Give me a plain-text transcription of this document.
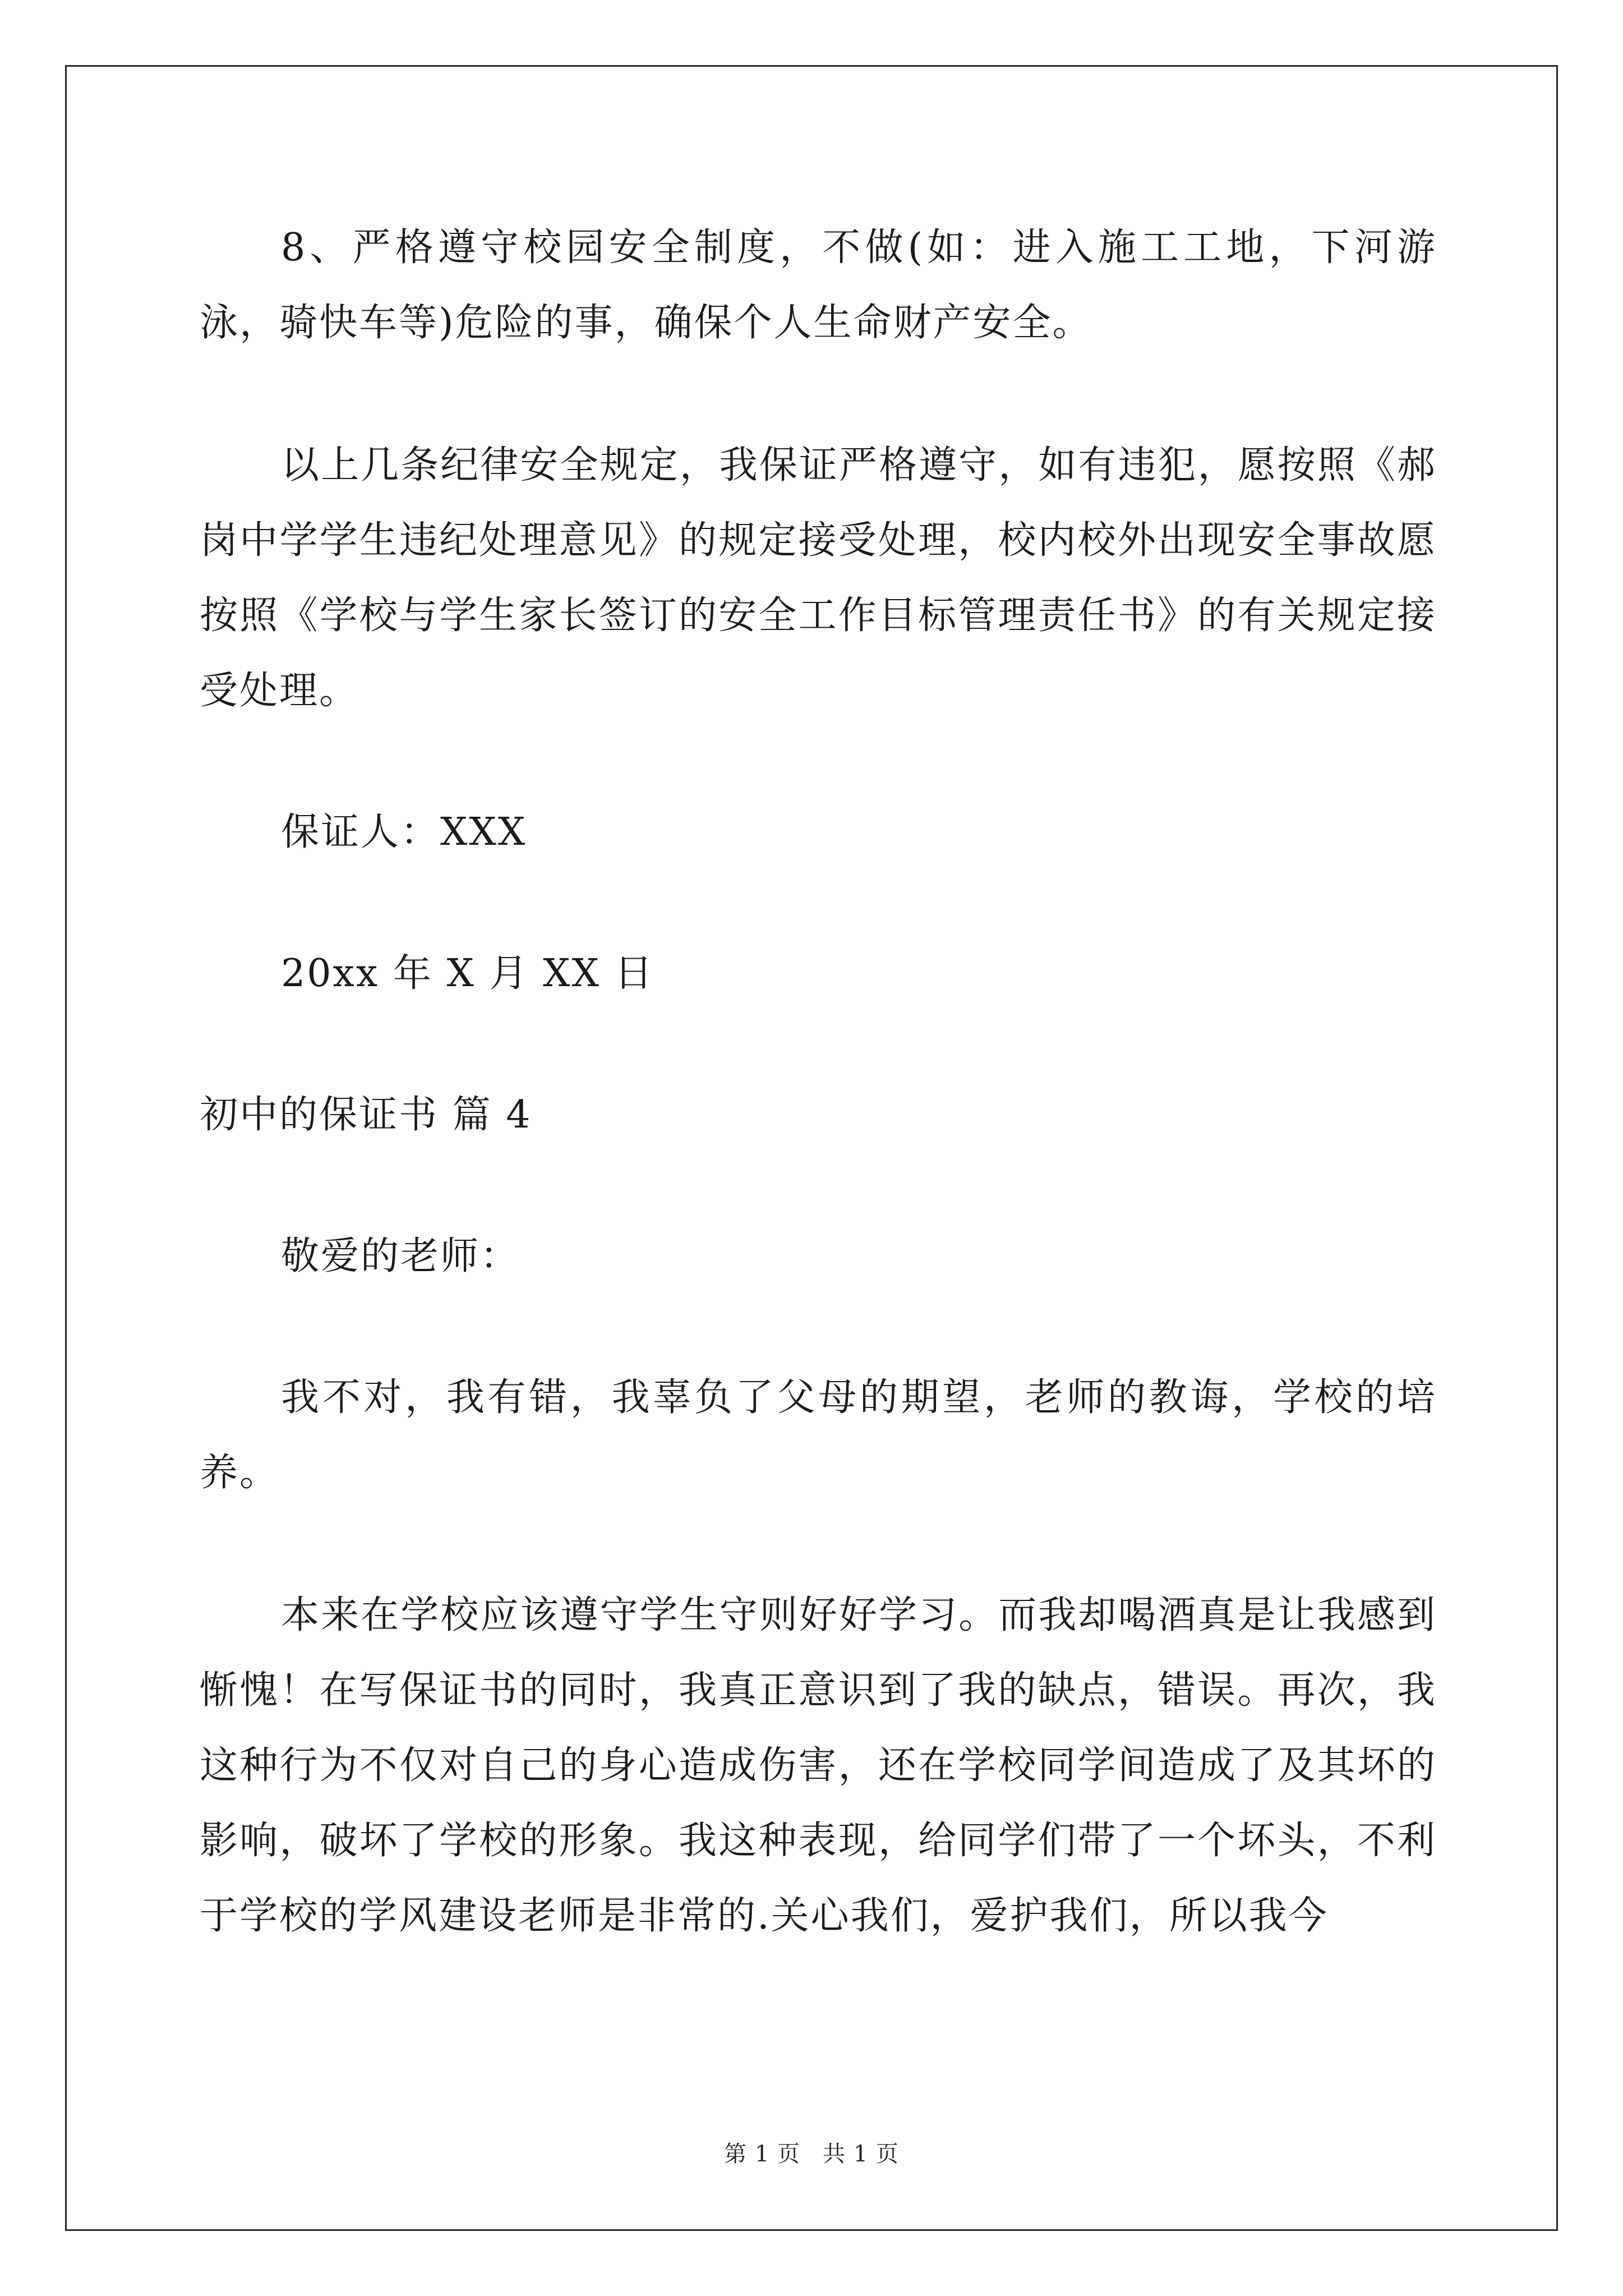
8、严格遵守校园安全制度，不做(如：进入施工工地，下河游泳，骑快车等)危险的事，确保个人生命财产安全。

以上几条纪律安全规定，我保证严格遵守，如有违犯，愿按照《郝岗中学学生违纪处理意见》的规定接受处理，校内校外出现安全事故愿按照《学校与学生家长签订的安全工作目标管理责任书》的有关规定接受处理。

保证人：XXX

20xx 年 X 月 XX 日

初中的保证书 篇 4

敬爱的老师：

我不对，我有错，我辜负了父母的期望，老师的教诲，学校的培养。

本来在学校应该遵守学生守则好好学习。而我却喝酒真是让我感到惭愧！在写保证书的同时，我真正意识到了我的缺点，错误。再次，我这种行为不仅对自己的身心造成伤害，还在学校同学间造成了及其坏的影响，破坏了学校的形象。我这种表现，给同学们带了一个坏头，不利于学校的学风建设老师是非常的.关心我们，爱护我们，所以我今

第 1 页 共 1 页
